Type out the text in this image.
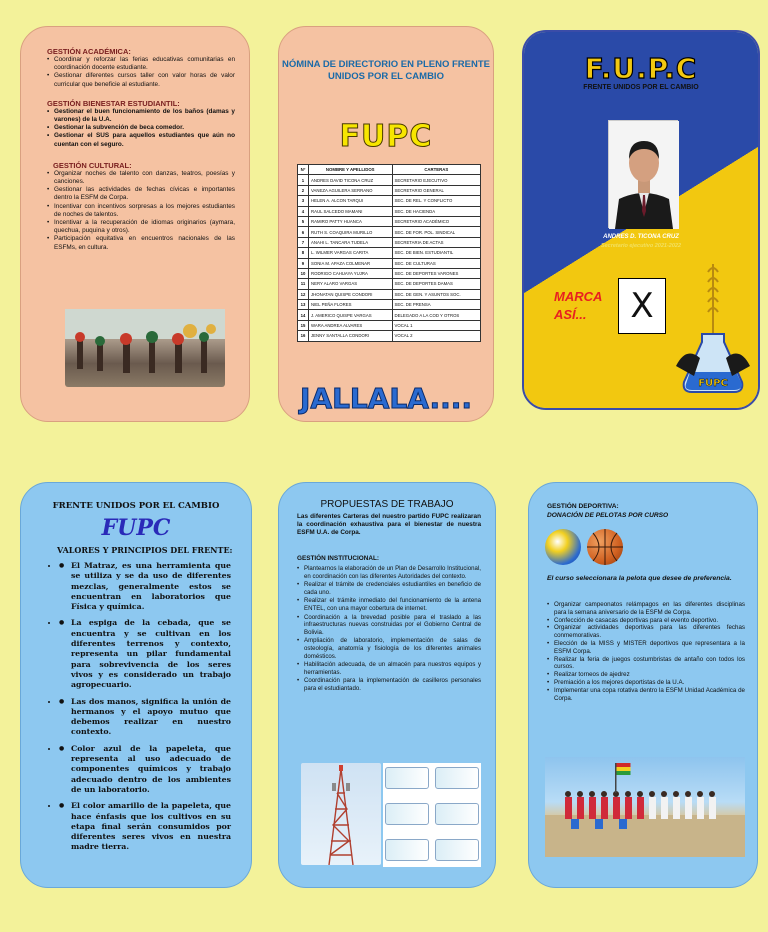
GESTIÓN ACADÉMICA:
• Coordinar y reforzar las ferias educativas comunitarias en coordinación docente estudiante.
• Gestionar diferentes cursos taller con valor horas de valor curricular que beneficie al estudiante.
GESTIÓN BIENESTAR ESTUDIANTIL:
• Gestionar el buen funcionamiento de los baños (damas y varones) de la U.A.
• Gestionar la subvención de beca comedor.
• Gestionar el SUS para aquellos estudiantes que aún no cuentan con el seguro.
GESTIÓN CULTURAL:
• Organizar noches de talento con danzas, teatros, poesías y canciones.
• Gestionar las actividades de fechas cívicas e importantes dentro la ESFM de Corpa.
• Incentivar con incentivos sorpresas a los mejores estudiantes de noches de talentos.
• Incentivar a la recuperación de idiomas originarios (aymara, quechua, puquina y otros).
• Participación equitativa en encuentros nacionales de las ESFMs, en cultura.
NÓMINA DE DIRECTORIO EN PLENO FRENTE UNIDOS POR EL CAMBIO
FUPC
Nº	NOMBRE Y APELLIDOS	CARTERAS
1	ANDRES DAVID TICONA CRUZ	SECRETARIO EJECUTIVO
2	VANEZA AGUILERA SERRANO	SECRETARIO GENERAL
3	HELEN A. ALCON TARQUI	SEC. DE REL. Y CONFLICTO
4	RAUL SALCEDO MAMANI	SEC. DE HACIENDA
5	RAMIRO PATTY HUANCA	SECRETARIO ACADÉMICO
6	RUTH S. COAQUIRA MURILLO	SEC. DE FOR. POL. SINDICAL
7	ANAHI L. TANCARA TUDELA	SECRETARIA DE ACTAS
8	L. WILMER VARGAS CARITA	SEC. DE BIEN. ESTUDIANTIL
9	SONIA M. APAZA COLMENAR	SEC. DE CULTURAS
10	RODRIGO CAHUAYA YUJRA	SEC. DE DEPORTES VARONES
11	NERY ALARO VARGAS	SEC. DE DEPORTES DAMAS
12	JHONATAN QUISPE CONDORI	SEC. DE GEN. Y ASUNTOS SOC.
13	NIEL PEÑA FLORES	SEC. DE PRENSA
14	J. AMERICO QUISPE VARGAS	DELEGADO A LA COD Y OTROS
15	WARA ANDREA ALVARES	VOCAL 1
16	JENNY SANTALLA CONDORI	VOCAL 2
JALLALA....
F.U.P.C
FRENTE UNIDOS POR EL CAMBIO
ANDRES D. TICONA CRUZ
Secretario ejecutivo 2021-2022
MARCA
ASÍ...	X
FUPC
FRENTE UNIDOS POR EL CAMBIO
FUPC
VALORES Y PRINCIPIOS DEL FRENTE:
● • El Matraz, es una herramienta que se utiliza y se da uso de diferentes mezclas, generalmente estos se encuentran en laboratorios que Física y química.
● • La espiga de la cebada, que se encuentra y se cultivan en los diferentes terrenos y contexto, representa un pilar fundamental para sobrevivencia de los seres vivos y es considerado un trabajo agropecuario.
● • Las dos manos, significa la unión de hermanos y el apoyo mutuo que debemos realizar en nuestro contexto.
● • Color azul de la papeleta, que representa al uso adecuado de componentes químicos y trabajo adecuado dentro de los ambientes de un laboratorio.
● • El color amarillo de la papeleta, que hace énfasis que los cultivos en su etapa final serán consumidos por diferentes seres vivos en nuestra madre tierra.
PROPUESTAS DE TRABAJO
Las diferentes Carteras del nuestro partido FUPC realizaran la coordinación exhaustiva para el bienestar de nuestra ESFM U.A. de Corpa.
GESTIÓN INSTITUCIONAL:
• Plantearnos la elaboración de un Plan de Desarrollo Institucional, en coordinación con las diferentes Autoridades del contexto.
• Realizar el trámite de credenciales estudiantiles en beneficio de cada uno.
• Realizar el trámite inmediato del funcionamiento de la antena ENTEL, con una mayor cobertura de internet.
• Coordinación a la brevedad posible para el traslado a las infraestructuras nuevas construidas por el Gobierno Central de Bolivia.
• Ampliación de laboratorio, implementación de salas de osteología, anatomía y fisiología de los diferentes animales domésticos.
• Habilitación adecuada, de un almacén para nuestros equipos y herramientas.
• Coordinación para la implementación de casilleros personales para el estudiantado.
GESTIÓN DEPORTIVA:
DONACIÓN DE PELOTAS POR CURSO
El curso seleccionara la pelota que desee de preferencia.
• Organizar campeonatos relámpagos en las diferentes disciplinas para la semana aniversario de la ESFM de Corpa.
• Confección de casacas deportivas para el evento deportivo.
• Organizar actividades deportivas para las diferentes fechas conmemorativas.
• Elección de la MISS y MISTER deportivos que representara a la ESFM Corpa.
• Realizar la feria de juegos costumbristas de antaño con todos los cursos.
• Realizar torneos de ajedrez
• Premiación a los mejores deportistas de la U.A.
• Implementar una copa rotativa dentro la ESFM Unidad Académica de Corpa.
